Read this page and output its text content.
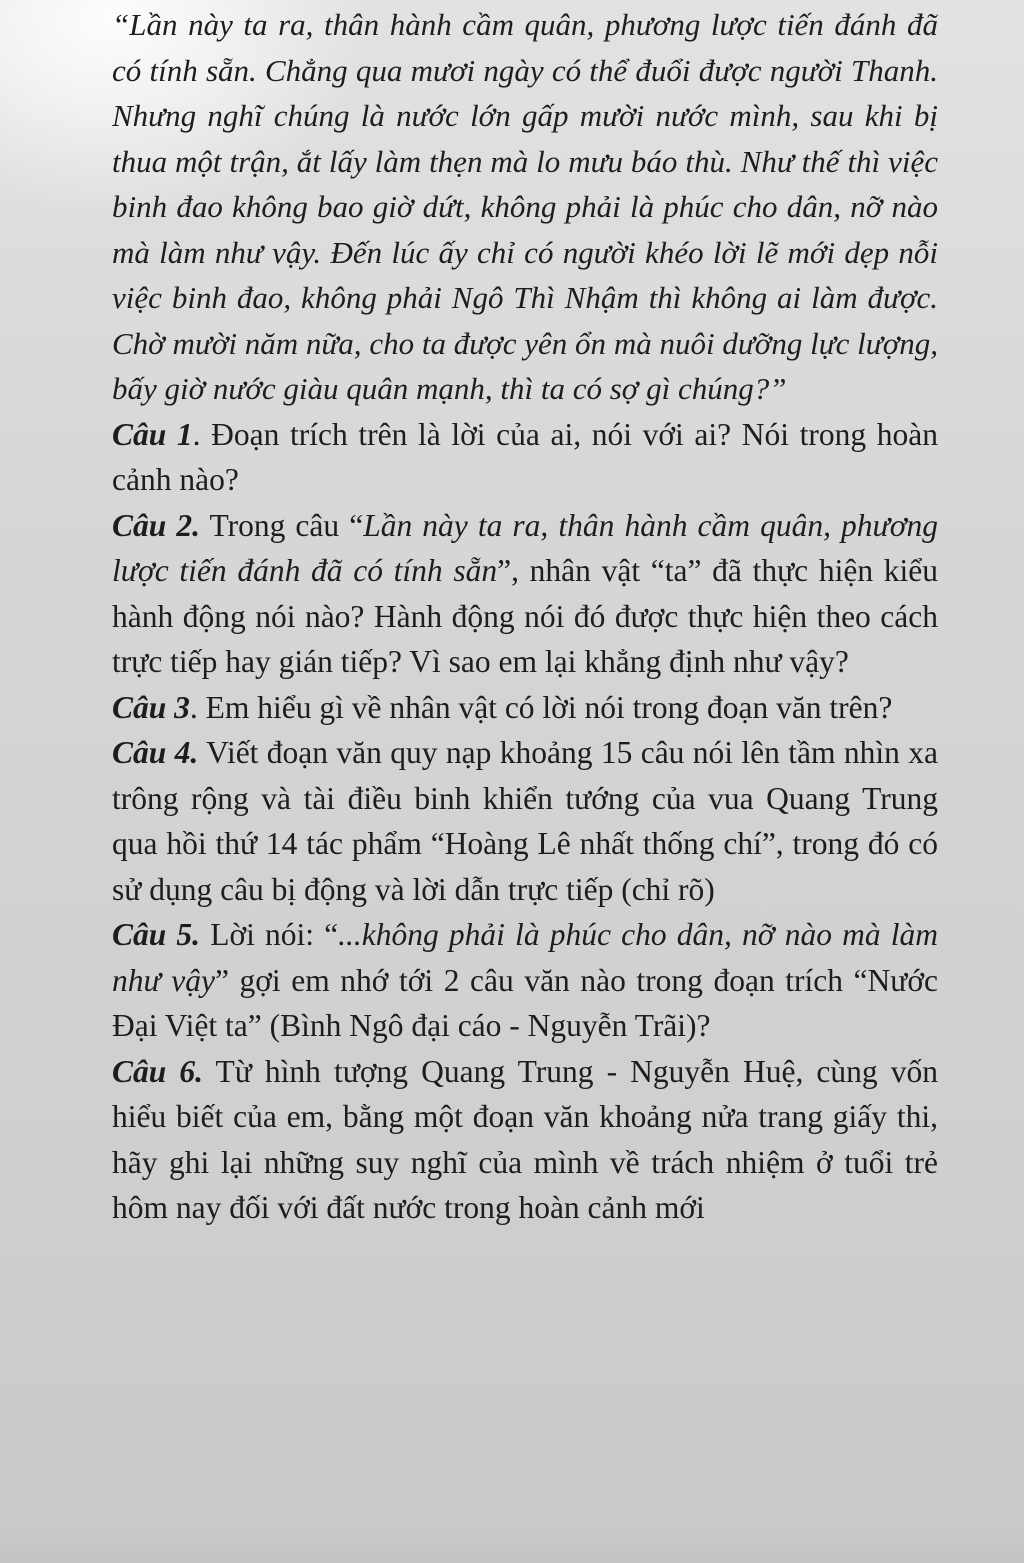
“Lần này ta ra, thân hành cầm quân, phương lược tiến đánh đã có tính sẵn. Chẳng qua mươi ngày có thể đuổi được người Thanh. Nhưng nghĩ chúng là nước lớn gấp mười nước mình, sau khi bị thua một trận, ắt lấy làm thẹn mà lo mưu báo thù. Như thế thì việc binh đao không bao giờ dứt, không phải là phúc cho dân, nỡ nào mà làm như vậy. Đến lúc ấy chỉ có người khéo lời lẽ mới dẹp nỗi việc binh đao, không phải Ngô Thì Nhậm thì không ai làm được. Chờ mười năm nữa, cho ta được yên ổn mà nuôi dưỡng lực lượng, bấy giờ nước giàu quân mạnh, thì ta có sợ gì chúng?”

Câu 1. Đoạn trích trên là lời của ai, nói với ai? Nói trong hoàn cảnh nào?

Câu 2. Trong câu “Lần này ta ra, thân hành cầm quân, phương lược tiến đánh đã có tính sẵn”, nhân vật “ta” đã thực hiện kiểu hành động nói nào? Hành động nói đó được thực hiện theo cách trực tiếp hay gián tiếp? Vì sao em lại khẳng định như vậy?

Câu 3. Em hiểu gì về nhân vật có lời nói trong đoạn văn trên?

Câu 4. Viết đoạn văn quy nạp khoảng 15 câu nói lên tầm nhìn xa trông rộng và tài điều binh khiển tướng của vua Quang Trung qua hồi thứ 14 tác phẩm “Hoàng Lê nhất thống chí”, trong đó có sử dụng câu bị động và lời dẫn trực tiếp (chỉ rõ)

Câu 5. Lời nói: “...không phải là phúc cho dân, nỡ nào mà làm như vậy” gợi em nhớ tới 2 câu văn nào trong đoạn trích “Nước Đại Việt ta” (Bình Ngô đại cáo - Nguyễn Trãi)?

Câu 6. Từ hình tượng Quang Trung - Nguyễn Huệ, cùng vốn hiểu biết của em, bằng một đoạn văn khoảng nửa trang giấy thi, hãy ghi lại những suy nghĩ của mình về trách nhiệm ở tuổi trẻ hôm nay đối với đất nước trong hoàn cảnh mới
